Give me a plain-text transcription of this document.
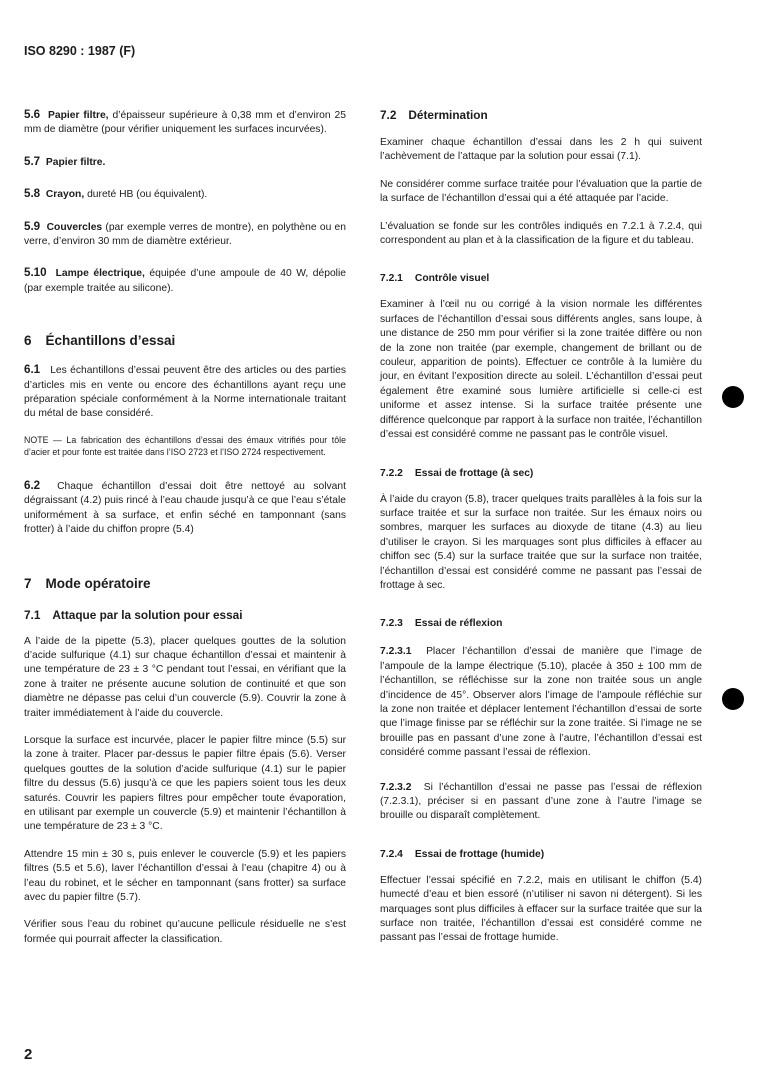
ISO 8290 : 1987 (F)

5.6 Papier filtre, d’épaisseur supérieure à 0,38 mm et d’environ 25 mm de diamètre (pour vérifier uniquement les surfaces incurvées).

5.7 Papier filtre.

5.8 Crayon, dureté HB (ou équivalent).

5.9 Couvercles (par exemple verres de montre), en polythène ou en verre, d’environ 30 mm de diamètre extérieur.

5.10 Lampe électrique, équipée d’une ampoule de 40 W, dépolie (par exemple traitée au silicone).

6 Échantillons d’essai

6.1 Les échantillons d’essai peuvent être des articles ou des parties d’articles mis en vente ou encore des échantillons ayant reçu une préparation spéciale conformément à la Norme internationale traitant du métal de base considéré.

NOTE — La fabrication des échantillons d’essai des émaux vitrifiés pour tôle d’acier et pour fonte est traitée dans l’ISO 2723 et l’ISO 2724 respectivement.

6.2 Chaque échantillon d’essai doit être nettoyé au solvant dégraissant (4.2) puis rincé à l’eau chaude jusqu’à ce que l’eau s’étale uniformément à sa surface, et enfin séché en tamponnant (sans frotter) à l’aide du chiffon propre (5.4)

7 Mode opératoire

7.1 Attaque par la solution pour essai

A l’aide de la pipette (5.3), placer quelques gouttes de la solution d’acide sulfurique (4.1) sur chaque échantillon d’essai et maintenir à une température de 23 ± 3 °C pendant tout l’essai, en vérifiant que la zone à traiter ne présente aucune solution de continuité et que son diamètre ne dépasse pas celui d’un couvercle (5.9). Couvrir la zone à traiter immédiatement à l’aide du couvercle.

Lorsque la surface est incurvée, placer le papier filtre mince (5.5) sur la zone à traiter. Placer par-dessus le papier filtre épais (5.6). Verser quelques gouttes de la solution d’acide sulfurique (4.1) sur le papier filtre du dessus (5.6) jusqu’à ce que les papiers soient tous les deux saturés. Couvrir les papiers filtres pour empêcher toute évaporation, en utilisant par exemple un couvercle (5.9) et maintenir l’échantillon à une température de 23 ± 3 °C.

Attendre 15 min ± 30 s, puis enlever le couvercle (5.9) et les papiers filtres (5.5 et 5.6), laver l’échantillon d’essai à l’eau (chapitre 4) ou à l’eau du robinet, et le sécher en tamponnant (sans frotter) sa surface avec du papier filtre (5.7).

Vérifier sous l’eau du robinet qu’aucune pellicule résiduelle ne s’est formée qui pourrait affecter la classification.

7.2 Détermination

Examiner chaque échantillon d’essai dans les 2 h qui suivent l’achèvement de l’attaque par la solution pour essai (7.1).

Ne considérer comme surface traitée pour l’évaluation que la partie de la surface de l’échantillon d’essai qui a été attaquée par l’acide.

L’évaluation se fonde sur les contrôles indiqués en 7.2.1 à 7.2.4, qui correspondent au plan et à la classification de la figure et du tableau.

7.2.1 Contrôle visuel

Examiner à l’œil nu ou corrigé à la vision normale les différentes surfaces de l’échantillon d’essai sous différents angles, sans loupe, à une distance de 250 mm pour vérifier si la zone traitée diffère ou non de la zone non traitée (par exemple, changement de brillant ou de couleur, apparition de points). Effectuer ce contrôle à la lumière du jour, en évitant l’exposition directe au soleil. L’échantillon d’essai peut également être examiné sous lumière artificielle si celle-ci est uniforme et assez intense. Si la surface traitée présente une différence quelconque par rapport à la surface non traitée, l’échantillon d’essai est considéré comme ne passant pas le contrôle visuel.

7.2.2 Essai de frottage (à sec)

À l’aide du crayon (5.8), tracer quelques traits parallèles à la fois sur la surface traitée et sur la surface non traitée. Sur les émaux noirs ou sombres, marquer les surfaces au dioxyde de titane (4.3) au lieu d’utiliser le crayon. Si les marquages sont plus difficiles à effacer au chiffon sec (5.4) sur la surface traitée que sur la surface non traitée, l’échantillon d’essai est considéré comme ne passant pas l’essai de frottage à sec.

7.2.3 Essai de réflexion

7.2.3.1 Placer l’échantillon d’essai de manière que l’image de l’ampoule de la lampe électrique (5.10), placée à 350 ± 100 mm de l’échantillon, se réfléchisse sur la zone non traitée sous un angle d’incidence de 45°. Observer alors l’image de l’ampoule réfléchie sur la zone non traitée et déplacer lentement l’échantillon d’essai de sorte que l’image finisse par se réfléchir sur la zone traitée. Si l’image ne se brouille pas en passant d’une zone à l’autre, l’échantillon d’essai est considéré comme passant l’essai de réflexion.

7.2.3.2 Si l’échantillon d’essai ne passe pas l’essai de réflexion (7.2.3.1), préciser si en passant d’une zone à l’autre l’image se brouille ou disparaît complètement.

7.2.4 Essai de frottage (humide)

Effectuer l’essai spécifié en 7.2.2, mais en utilisant le chiffon (5.4) humecté d’eau et bien essoré (n’utiliser ni savon ni détergent). Si les marquages sont plus difficiles à effacer sur la surface traitée que sur la surface non traitée, l’échantillon d’essai est considéré comme ne passant pas l’essai de frottage humide.

2
